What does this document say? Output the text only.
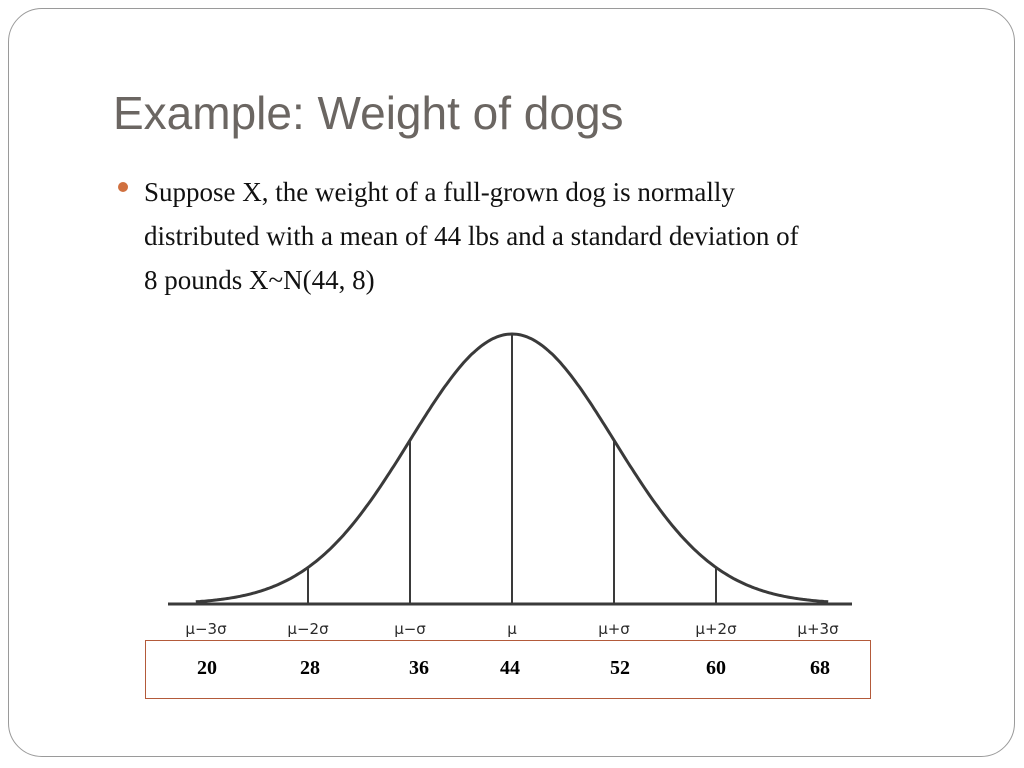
Example: Weight of dogs
Suppose X, the weight of a full-grown dog is normally
distributed with a mean of 44 lbs and a standard deviation of
8 pounds X~N(44, 8)
μ−3σ	μ−2σ	μ−σ	μ	μ+σ	μ+2σ	μ+3σ
20	28	36	44	52	60	68
